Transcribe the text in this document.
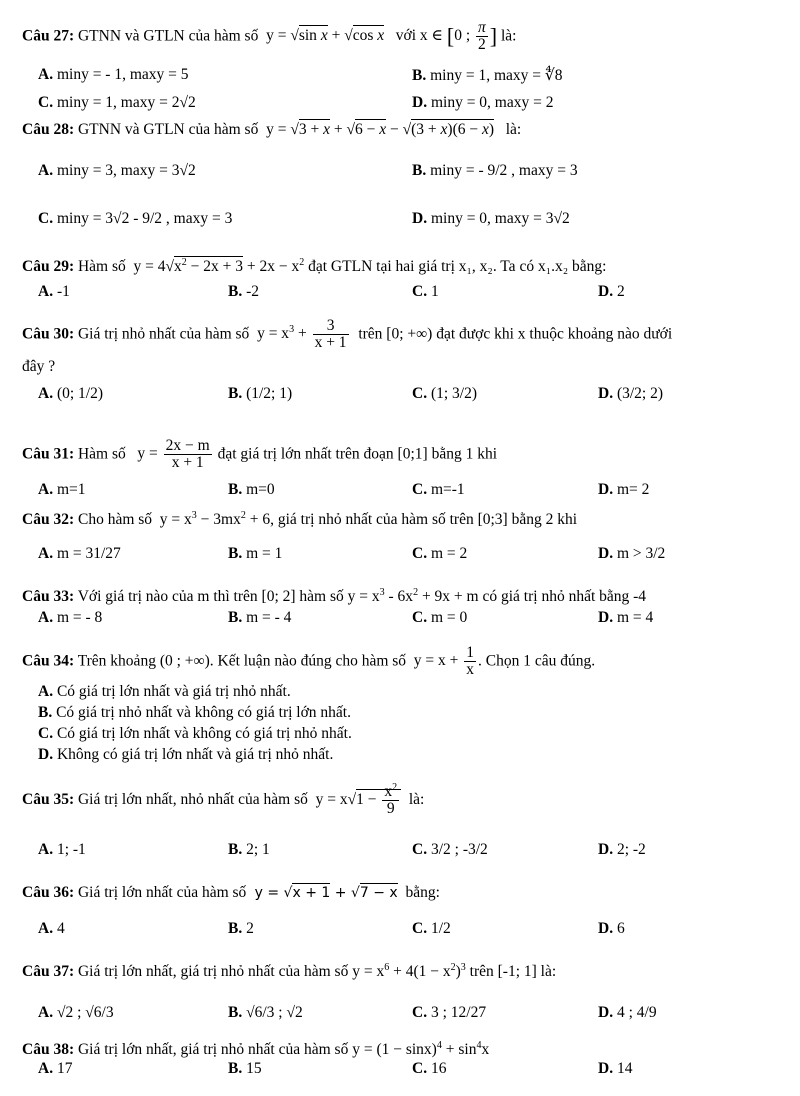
Câu 27: GTNN và GTLN của hàm số  y = √sin x + √cos x   với x ∈ [0 ; $\frac{\pi}{2}$ ] là:
A. miny = - 1, maxy = 5	B. miny = 1, maxy = ∜8
C. miny = 1, maxy = 2√2	D. miny = 0, maxy = 2
Câu 28: GTNN và GTLN của hàm số  y = √3 + x + √6 − x − √(3 + x)(6 − x) là:
A. miny = 3, maxy = 3√2	B. miny = - 9/2 , maxy = 3
C. miny = 3√2 - 9/2 , maxy = 3	D. miny = 0, maxy = 3√2
Câu 29: Hàm số  $y = 4√x^2 - 2x + 3 + 2x - x^2$ đạt GTLN tại hai giá trị x₁, x₂. Ta có x₁.x₂ bằng:
A. -1	B. -2	C. 1	D. 2
Câu 30: Giá trị nhỏ nhất của hàm số  $y = x^3 + \frac{3}{x + 1}$ trên [0; +∞) đạt được khi x thuộc khoảng nào dưới
đây ?
A. (0; 1/2)	B. (1/2; 1)	C. (1; 3/2)	D. (3/2; 2)
Câu 31: Hàm số   $y = \frac{2x - m}{x + 1}$ đạt giá trị lớn nhất trên đoạn [0;1] bằng 1 khi
A. m=1	B. m=0	C. m=-1	D. m= 2
Câu 32: Cho hàm số  $y = x^3 - 3mx^2 + 6$, giá trị nhỏ nhất của hàm số trên [0;3] bằng 2 khi
A. m = 31/27	B. m = 1	C. m = 2	D. m > 3/2
Câu 33: Với giá trị nào của m thì trên [0; 2] hàm số $y = x^3 - 6x^2 + 9x + m$ có giá trị nhỏ nhất bằng -4
A. m = - 8	B. m = - 4	C. m = 0	D. m = 4
Câu 34: Trên khoảng (0 ; +∞). Kết luận nào đúng cho hàm số  $y = x + \frac{1}{x}$ . Chọn 1 câu đúng.
A. Có giá trị lớn nhất và giá trị nhỏ nhất.
B. Có giá trị nhỏ nhất và không có giá trị lớn nhất.
C. Có giá trị lớn nhất và không có giá trị nhỏ nhất.
D. Không có giá trị lớn nhất và giá trị nhỏ nhất.
Câu 35: Giá trị lớn nhất, nhỏ nhất của hàm số  $y = x√1 - \frac{x^2}{9}$ là:
A. 1; -1	B. 2; 1	C. 3/2 ; -3/2	D. 2; -2
Câu 36: Giá trị lớn nhất của hàm số  y = √x + 1 + √7 − x bằng:
A. 4	B. 2	C. 1/2	D. 6
Câu 37: Giá trị lớn nhất, giá trị nhỏ nhất của hàm số $y = x^6 + 4(1 - x^2)^3$ trên [-1; 1] là:
A. √2 ; √6/3	B. √6/3 ; √2	C. 3 ; 12/27	D. 4 ; 4/9
Câu 38: Giá trị lớn nhất, giá trị nhỏ nhất của hàm số $y = (1 - \sin x)^4 + \sin^4x$
A. 17	B. 15	C. 16	D. 14
